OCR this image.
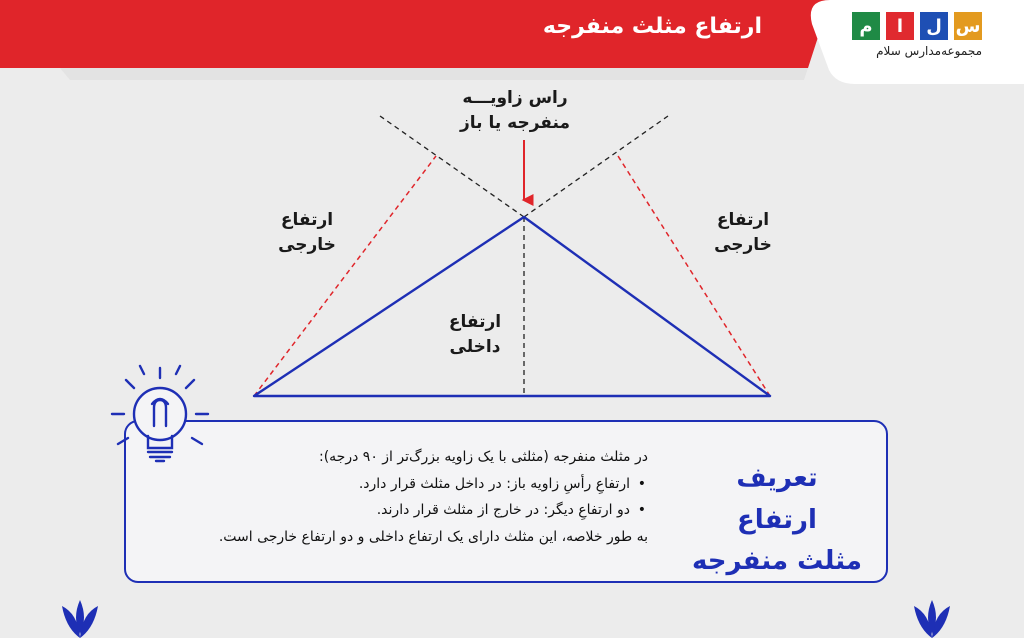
ارتفاع مثلث منفرجه	س
ل
ا
م
مجموعه‌مدارس سلام
راس زاویـــه
منفرجه یا باز
ارتفاع
خارجی
ارتفاع
خارجی
ارتفاع
داخلی
تعریف ارتفاع
مثلث منفرجه
در مثلث منفرجه (مثلثی با یک زاویه بزرگ‌تر از ۹۰ درجه):
• ارتفاعِ رأسِ زاویه باز: در داخل مثلث قرار دارد.
• دو ارتفاعِ دیگر: در خارج از مثلث قرار دارند.
به طور خلاصه، این مثلث دارای یک ارتفاع داخلی و دو ارتفاع خارجی است.
